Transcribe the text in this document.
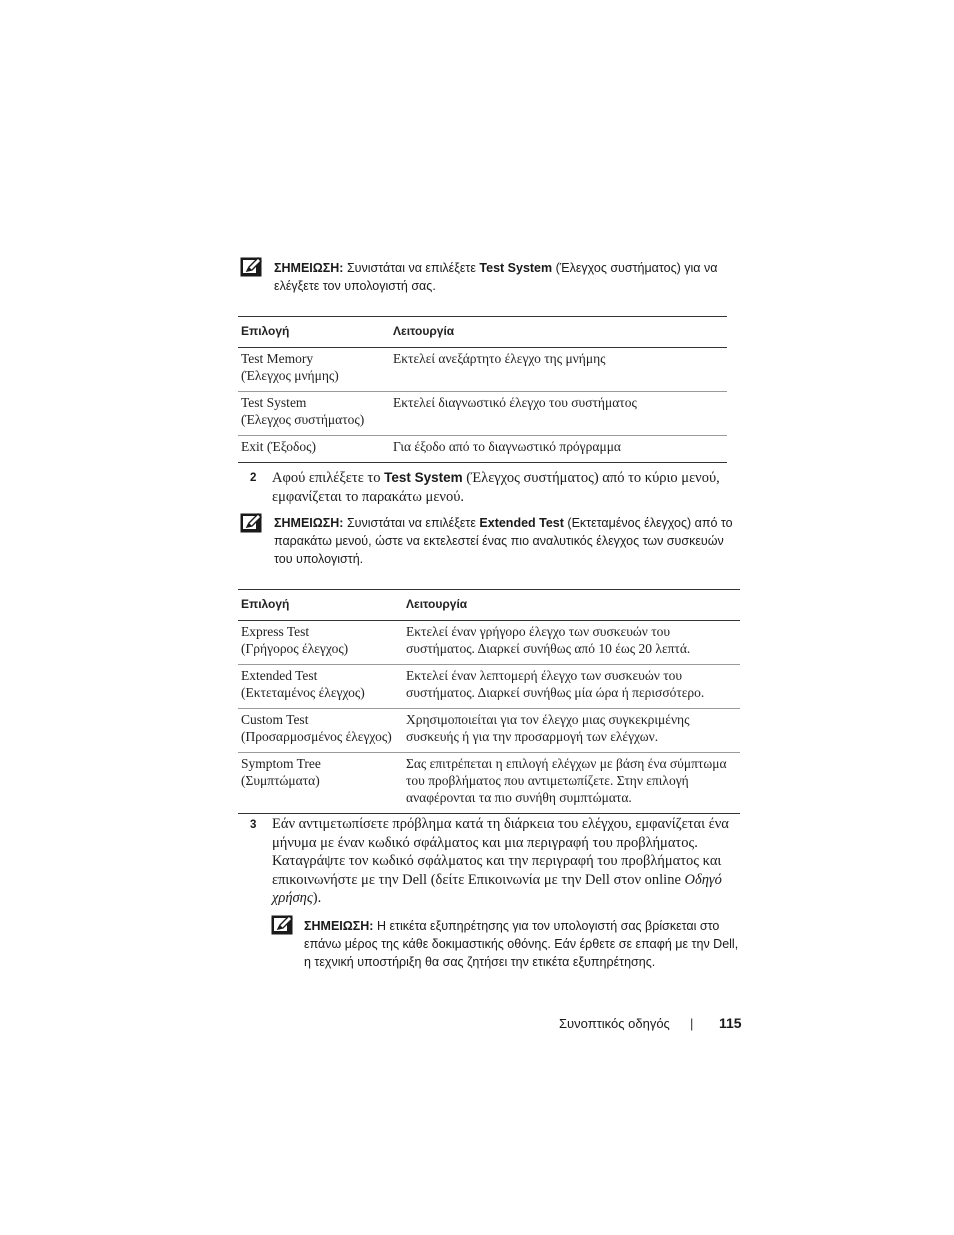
ΣΗΜΕΙΩΣΗ: Συνιστάται να επιλέξετε Test System (Έλεγχος συστήματος) για να ελέγξετε τον υπολογιστή σας.
Επιλογή	Λειτουργία
Test Memory
(Έλεγχος μνήμης)	Εκτελεί ανεξάρτητο έλεγχο της μνήμης
Test System
(Έλεγχος συστήματος)	Εκτελεί διαγνωστικό έλεγχο του συστήματος
Exit (Έξοδος)	Για έξοδο από το διαγνωστικό πρόγραμμα
2 Αφού επιλέξετε το Test System (Έλεγχος συστήματος) από το κύριο μενού, εμφανίζεται το παρακάτω μενού.
ΣΗΜΕΙΩΣΗ: Συνιστάται να επιλέξετε Extended Test (Εκτεταμένος έλεγχος) από το παρακάτω μενού, ώστε να εκτελεστεί ένας πιο αναλυτικός έλεγχος των συσκευών του υπολογιστή.
Επιλογή	Λειτουργία
Express Test
(Γρήγορος έλεγχος)	Εκτελεί έναν γρήγορο έλεγχο των συσκευών του συστήματος. Διαρκεί συνήθως από 10 έως 20 λεπτά.
Extended Test
(Εκτεταμένος έλεγχος)	Εκτελεί έναν λεπτομερή έλεγχο των συσκευών του συστήματος. Διαρκεί συνήθως μία ώρα ή περισσότερο.
Custom Test
(Προσαρμοσμένος έλεγχος)	Χρησιμοποιείται για τον έλεγχο μιας συγκεκριμένης συσκευής ή για την προσαρμογή των ελέγχων.
Symptom Tree
(Συμπτώματα)	Σας επιτρέπεται η επιλογή ελέγχων με βάση ένα σύμπτωμα του προβλήματος που αντιμετωπίζετε. Στην επιλογή αναφέρονται τα πιο συνήθη συμπτώματα.
3 Εάν αντιμετωπίσετε πρόβλημα κατά τη διάρκεια του ελέγχου, εμφανίζεται ένα μήνυμα με έναν κωδικό σφάλματος και μια περιγραφή του προβλήματος. Καταγράψτε τον κωδικό σφάλματος και την περιγραφή του προβλήματος και επικοινωνήστε με την Dell (δείτε Επικοινωνία με την Dell στον online Οδηγό χρήσης).
ΣΗΜΕΙΩΣΗ: Η ετικέτα εξυπηρέτησης για τον υπολογιστή σας βρίσκεται στο επάνω μέρος της κάθε δοκιμαστικής οθόνης. Εάν έρθετε σε επαφή με την Dell, η τεχνική υποστήριξη θα σας ζητήσει την ετικέτα εξυπηρέτησης.
Συνοπτικός οδηγός | 115
